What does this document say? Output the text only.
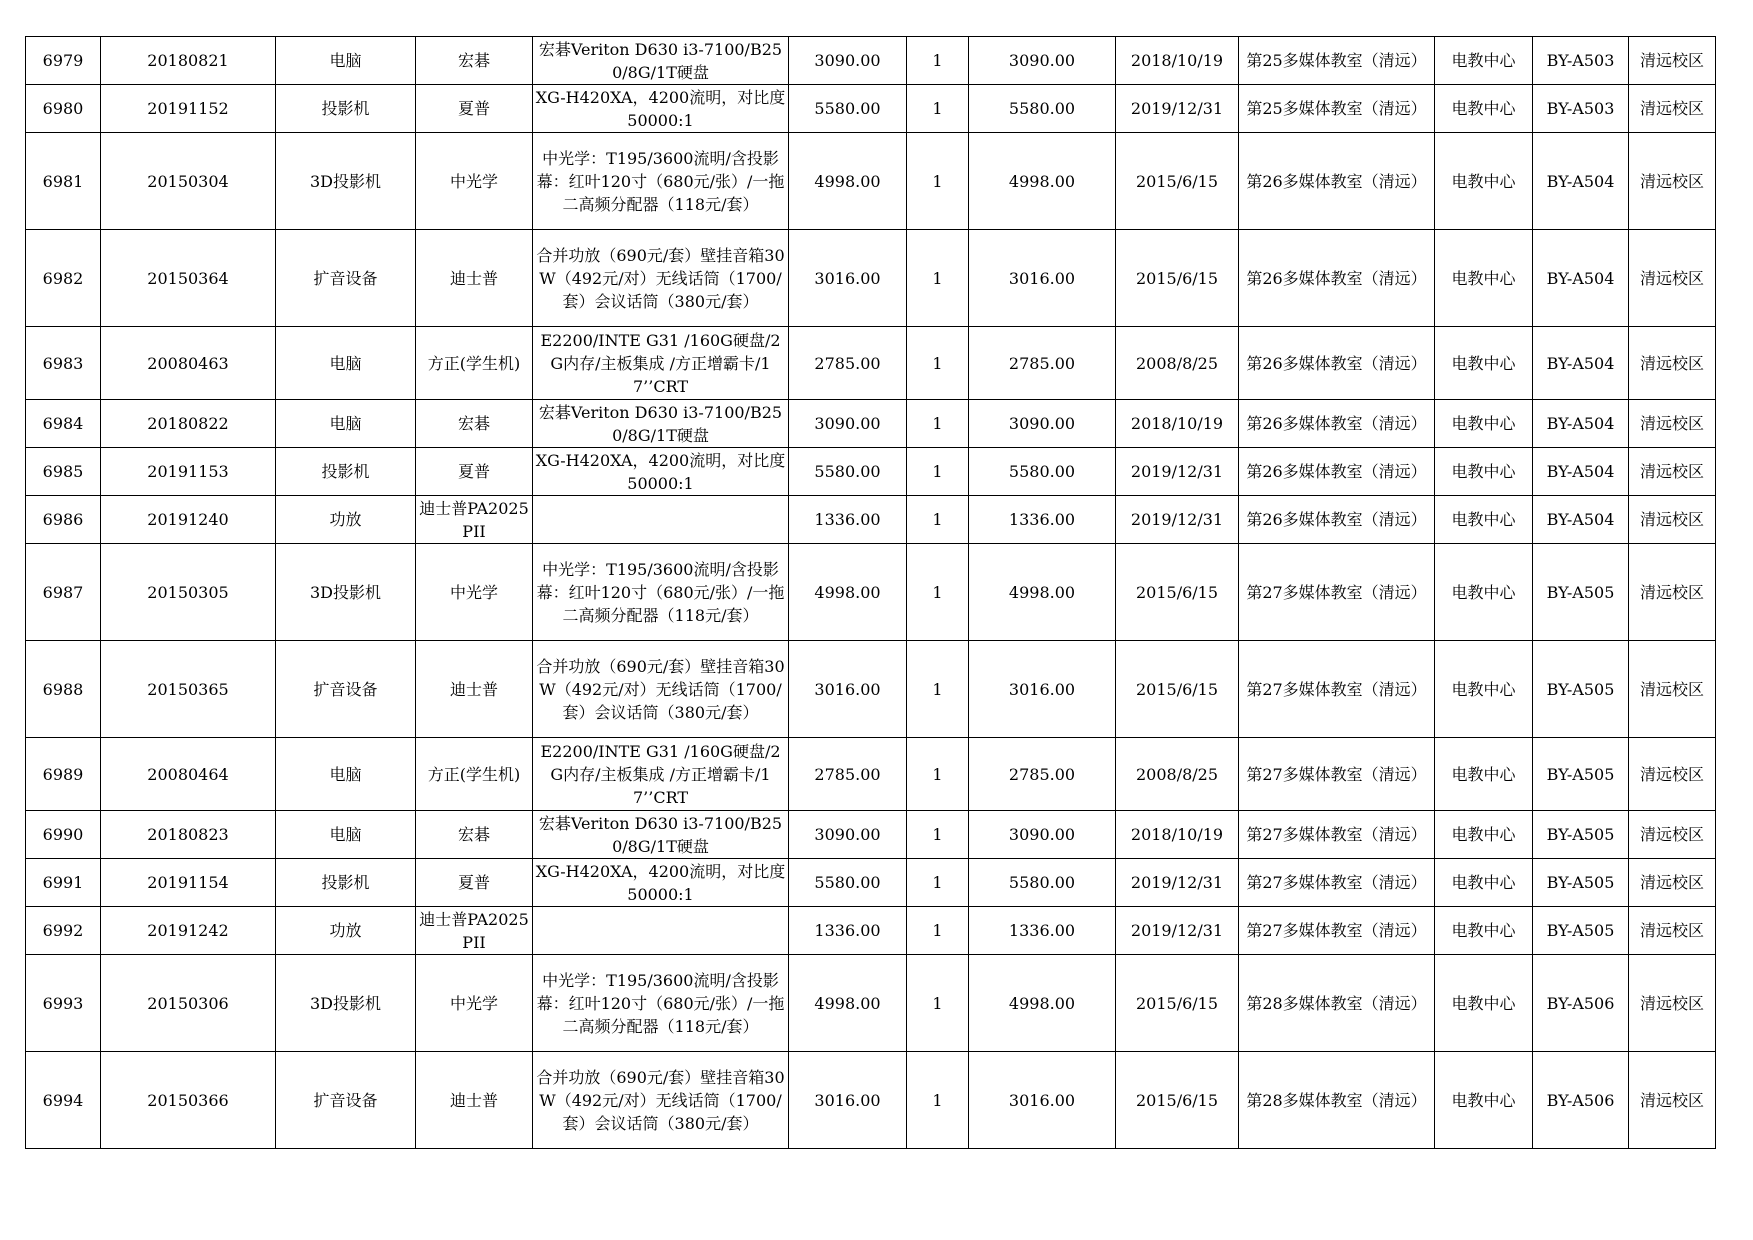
6979	20180821	电脑	宏碁	宏碁Veriton D630 i3-7100/B250/8G/1T硬盘	3090.00	1	3090.00	2018/10/19	第25多媒体教室（清远）	电教中心	BY-A503	清远校区
6980	20191152	投影机	夏普	XG-H420XA，4200流明，对比度50000:1	5580.00	1	5580.00	2019/12/31	第25多媒体教室（清远）	电教中心	BY-A503	清远校区
6981	20150304	3D投影机	中光学	中光学：T195/3600流明/含投影幕：红叶120寸（680元/张）/一拖二高频分配器（118元/套）	4998.00	1	4998.00	2015/6/15	第26多媒体教室（清远）	电教中心	BY-A504	清远校区
6982	20150364	扩音设备	迪士普	合并功放（690元/套）壁挂音箱30W（492元/对）无线话筒（1700/套）会议话筒（380元/套）	3016.00	1	3016.00	2015/6/15	第26多媒体教室（清远）	电教中心	BY-A504	清远校区
6983	20080463	电脑	方正(学生机)	E2200/INTE G31 /160G硬盘/2G内存/主板集成 /方正增霸卡/17’’CRT	2785.00	1	2785.00	2008/8/25	第26多媒体教室（清远）	电教中心	BY-A504	清远校区
6984	20180822	电脑	宏碁	宏碁Veriton D630 i3-7100/B250/8G/1T硬盘	3090.00	1	3090.00	2018/10/19	第26多媒体教室（清远）	电教中心	BY-A504	清远校区
6985	20191153	投影机	夏普	XG-H420XA，4200流明，对比度50000:1	5580.00	1	5580.00	2019/12/31	第26多媒体教室（清远）	电教中心	BY-A504	清远校区
6986	20191240	功放	迪士普PA2025PII		1336.00	1	1336.00	2019/12/31	第26多媒体教室（清远）	电教中心	BY-A504	清远校区
6987	20150305	3D投影机	中光学	中光学：T195/3600流明/含投影幕：红叶120寸（680元/张）/一拖二高频分配器（118元/套）	4998.00	1	4998.00	2015/6/15	第27多媒体教室（清远）	电教中心	BY-A505	清远校区
6988	20150365	扩音设备	迪士普	合并功放（690元/套）壁挂音箱30W（492元/对）无线话筒（1700/套）会议话筒（380元/套）	3016.00	1	3016.00	2015/6/15	第27多媒体教室（清远）	电教中心	BY-A505	清远校区
6989	20080464	电脑	方正(学生机)	E2200/INTE G31 /160G硬盘/2G内存/主板集成 /方正增霸卡/17’’CRT	2785.00	1	2785.00	2008/8/25	第27多媒体教室（清远）	电教中心	BY-A505	清远校区
6990	20180823	电脑	宏碁	宏碁Veriton D630 i3-7100/B250/8G/1T硬盘	3090.00	1	3090.00	2018/10/19	第27多媒体教室（清远）	电教中心	BY-A505	清远校区
6991	20191154	投影机	夏普	XG-H420XA，4200流明，对比度50000:1	5580.00	1	5580.00	2019/12/31	第27多媒体教室（清远）	电教中心	BY-A505	清远校区
6992	20191242	功放	迪士普PA2025PII		1336.00	1	1336.00	2019/12/31	第27多媒体教室（清远）	电教中心	BY-A505	清远校区
6993	20150306	3D投影机	中光学	中光学：T195/3600流明/含投影幕：红叶120寸（680元/张）/一拖二高频分配器（118元/套）	4998.00	1	4998.00	2015/6/15	第28多媒体教室（清远）	电教中心	BY-A506	清远校区
6994	20150366	扩音设备	迪士普	合并功放（690元/套）壁挂音箱30W（492元/对）无线话筒（1700/套）会议话筒（380元/套）	3016.00	1	3016.00	2015/6/15	第28多媒体教室（清远）	电教中心	BY-A506	清远校区
